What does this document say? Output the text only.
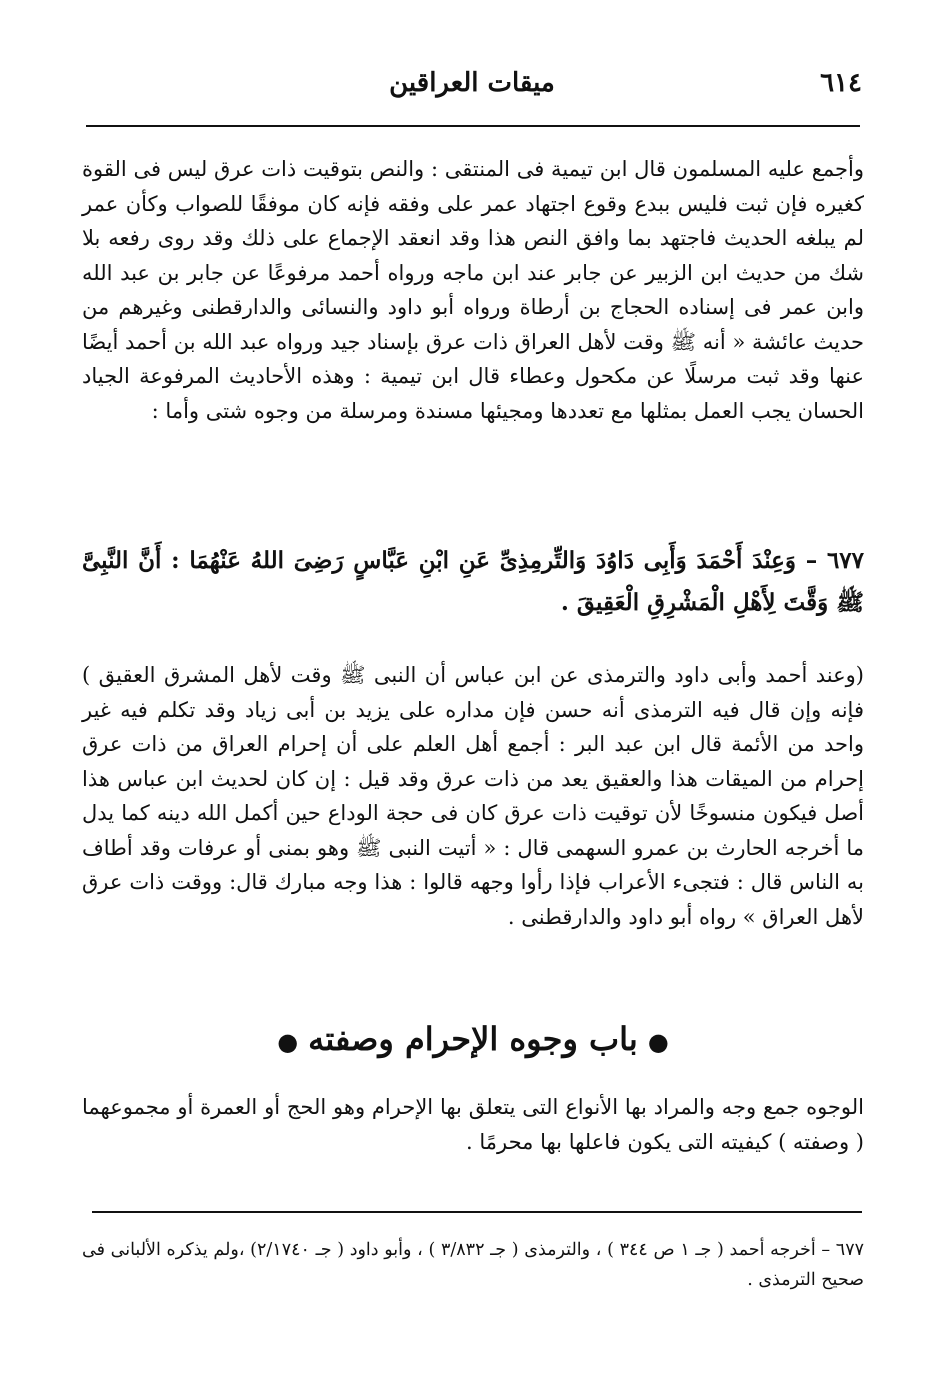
٦١٤
ميقات العراقين
وأجمع عليه المسلمون قال ابن تيمية فى المنتقى : والنص بتوقيت ذات عرق ليس فى القوة كغيره فإن ثبت فليس ببدع وقوع اجتهاد عمر على وفقه فإنه كان موفقًا للصواب وكأن عمر لم يبلغه الحديث فاجتهد بما وافق النص هذا وقد انعقد الإجماع على ذلك وقد روى رفعه بلا شك من حديث ابن الزبير عن جابر عند ابن ماجه ورواه أحمد مرفوعًا عن جابر بن عبد الله وابن عمر فى إسناده الحجاج بن أرطاة ورواه أبو داود والنسائى والدارقطنى وغيرهم من حديث عائشة « أنه ﷺ وقت لأهل العراق ذات عرق بإسناد جيد ورواه عبد الله بن أحمد أيضًا عنها وقد ثبت مرسلًا عن مكحول وعطاء قال ابن تيمية : وهذه الأحاديث المرفوعة الجياد الحسان يجب العمل بمثلها مع تعددها ومجيئها مسندة ومرسلة من وجوه شتى وأما :
٦٧٧ – وَعِنْدَ أَحْمَدَ وَأَبِى دَاوُدَ وَالتِّرمِذِىِّ عَنِ ابْنِ عَبَّاسٍ رَضِىَ اللهُ عَنْهُمَا : أَنَّ النَّبِىَّ ﷺ وَقَّتَ لِأَهْلِ الْمَشْرِقِ الْعَقِيقَ .
(وعند أحمد وأبى داود والترمذى عن ابن عباس أن النبى ﷺ وقت لأهل المشرق العقيق ) فإنه وإن قال فيه الترمذى أنه حسن فإن مداره على يزيد بن أبى زياد وقد تكلم فيه غير واحد من الأئمة قال ابن عبد البر : أجمع أهل العلم على أن إحرام العراق من ذات عرق إحرام من الميقات هذا والعقيق يعد من ذات عرق وقد قيل : إن كان لحديث ابن عباس هذا أصل فيكون منسوخًا لأن توقيت ذات عرق كان فى حجة الوداع حين أكمل الله دينه كما يدل ما أخرجه الحارث بن عمرو السهمى قال : « أتيت النبى ﷺ وهو بمنى أو عرفات وقد أطاف به الناس قال : فتجىء الأعراب فإذا رأوا وجهه قالوا : هذا وجه مبارك قال: ووقت ذات عرق لأهل العراق » رواه أبو داود والدارقطنى .
●باب وجوه الإحرام وصفته●
الوجوه جمع وجه والمراد بها الأنواع التى يتعلق بها الإحرام وهو الحج أو العمرة أو مجموعهما ( وصفته ) كيفيته التى يكون فاعلها بها محرمًا .
٦٧٧ – أخرجه أحمد ( جـ ١ ص ٣٤٤ ) ، والترمذى ( جـ ٣/٨٣٢ ) ، وأبو داود ( جـ ٢/١٧٤٠) ،ولم يذكره الألبانى فى صحيح الترمذى .
